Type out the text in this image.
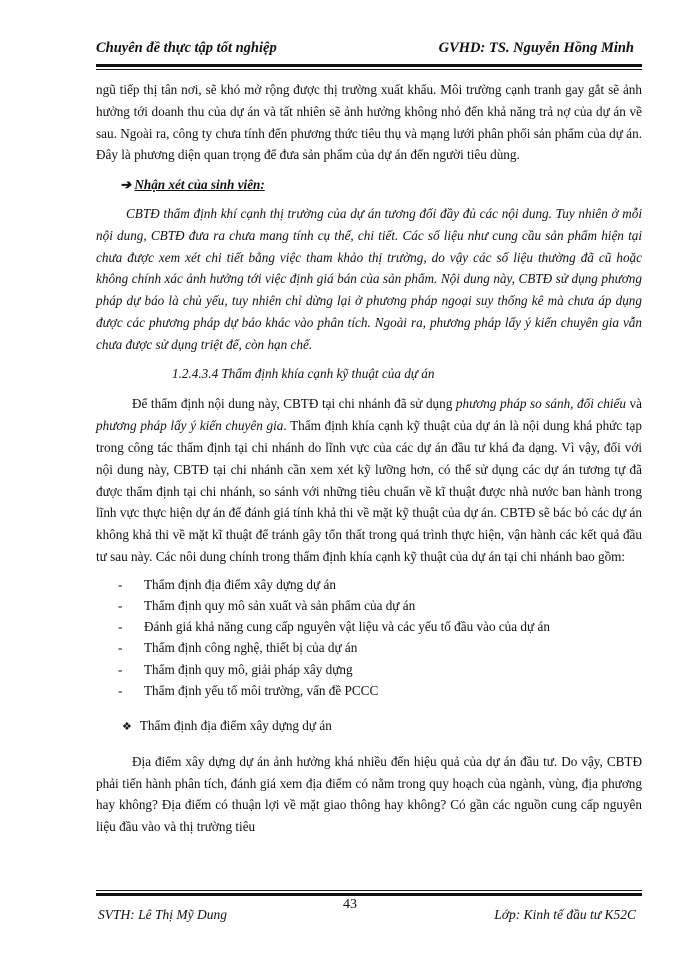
Chuyên đề thực tập tốt nghiệp	GVHD: TS. Nguyễn Hồng Minh

ngũ tiếp thị tân nơi, sẽ khó mở rộng được thị trường xuất khẩu. Môi trường cạnh tranh gay gắt sẽ ảnh hưởng tới doanh thu của dự án và tất nhiên sẽ ảnh hưởng không nhỏ đến khả năng trả nợ của dự án về sau. Ngoài ra, công ty chưa tính đến phương thức tiêu thụ và mạng lưới phân phối sản phẩm của dự án. Đây là phương diện quan trọng để đưa sản phẩm của dự án đến người tiêu dùng.

➔ Nhận xét của sinh viên:

CBTĐ thẩm định khí cạnh thị trường của dự án tương đối đầy đủ các nội dung. Tuy nhiên ở mỗi nội dung, CBTĐ đưa ra chưa mang tính cụ thể, chi tiết. Các số liệu như cung cầu sản phẩm hiện tại chưa được xem xét chi tiết bằng việc tham khảo thị trường, do vậy các số liệu thường đã cũ hoặc không chính xác ảnh hưởng tới việc định giá bán của sản phẩm. Nội dung này, CBTĐ sử dụng phương pháp dự báo là chủ yếu, tuy nhiên chỉ dừng lại ở phương pháp ngoại suy thống kê mà chưa áp dụng được các phương pháp dự báo khác vào phân tích. Ngoài ra, phương pháp lấy ý kiến chuyên gia vẫn chưa được sử dụng triệt để, còn hạn chế.

1.2.4.3.4 Thẩm định khía cạnh kỹ thuật của dự án

Để thẩm định nội dung này, CBTĐ tại chi nhánh đã sử dụng phương pháp so sánh, đối chiếu và phương pháp lấy ý kiến chuyên gia. Thẩm định khía cạnh kỹ thuật của dự án là nội dung khá phức tạp trong công tác thẩm định tại chi nhánh do lĩnh vực của các dự án đầu tư khá đa dạng. Vì vậy, đối với nội dung này, CBTĐ tại chi nhánh cần xem xét kỹ lưỡng hơn, có thể sử dụng các dự án tương tự đã được thẩm định tại chi nhánh, so sánh với những tiêu chuẩn về kĩ thuật được nhà nước ban hành trong lĩnh vực thực hiện dự án để đánh giá tính khả thi về mặt kỹ thuật của dự án. CBTĐ sẽ bác bỏ các dự án không khả thi về mặt kĩ thuật để tránh gây tổn thất trong quá trình thực hiện, vận hành các kết quả đầu tư sau này. Các nôi dung chính trong thẩm định khía cạnh kỹ thuật của dự án tại chi nhánh bao gồm:

- Thẩm định địa điểm xây dựng dự án
- Thẩm định quy mô sản xuất và sản phẩm của dự án
- Đánh giá khả năng cung cấp nguyên vật liệu và các yếu tố đầu vào của dự án
- Thẩm định công nghệ, thiết bị của dự án
- Thẩm định quy mô, giải pháp xây dựng
- Thẩm định yếu tố môi trường, vấn đề PCCC
❖ Thẩm định địa điểm xây dựng dự án

Địa điểm xây dựng dự án ảnh hưởng khá nhiều đến hiệu quả của dự án đầu tư. Do vậy, CBTĐ phải tiến hành phân tích, đánh giá xem địa điểm có nằm trong quy hoạch của ngành, vùng, địa phương hay không? Địa điểm có thuận lợi về mặt giao thông hay không? Có gần các nguồn cung cấp nguyên liệu đầu vào và thị trường tiêu

43
SVTH: Lê Thị Mỹ Dung	Lớp: Kinh tế đầu tư K52C
